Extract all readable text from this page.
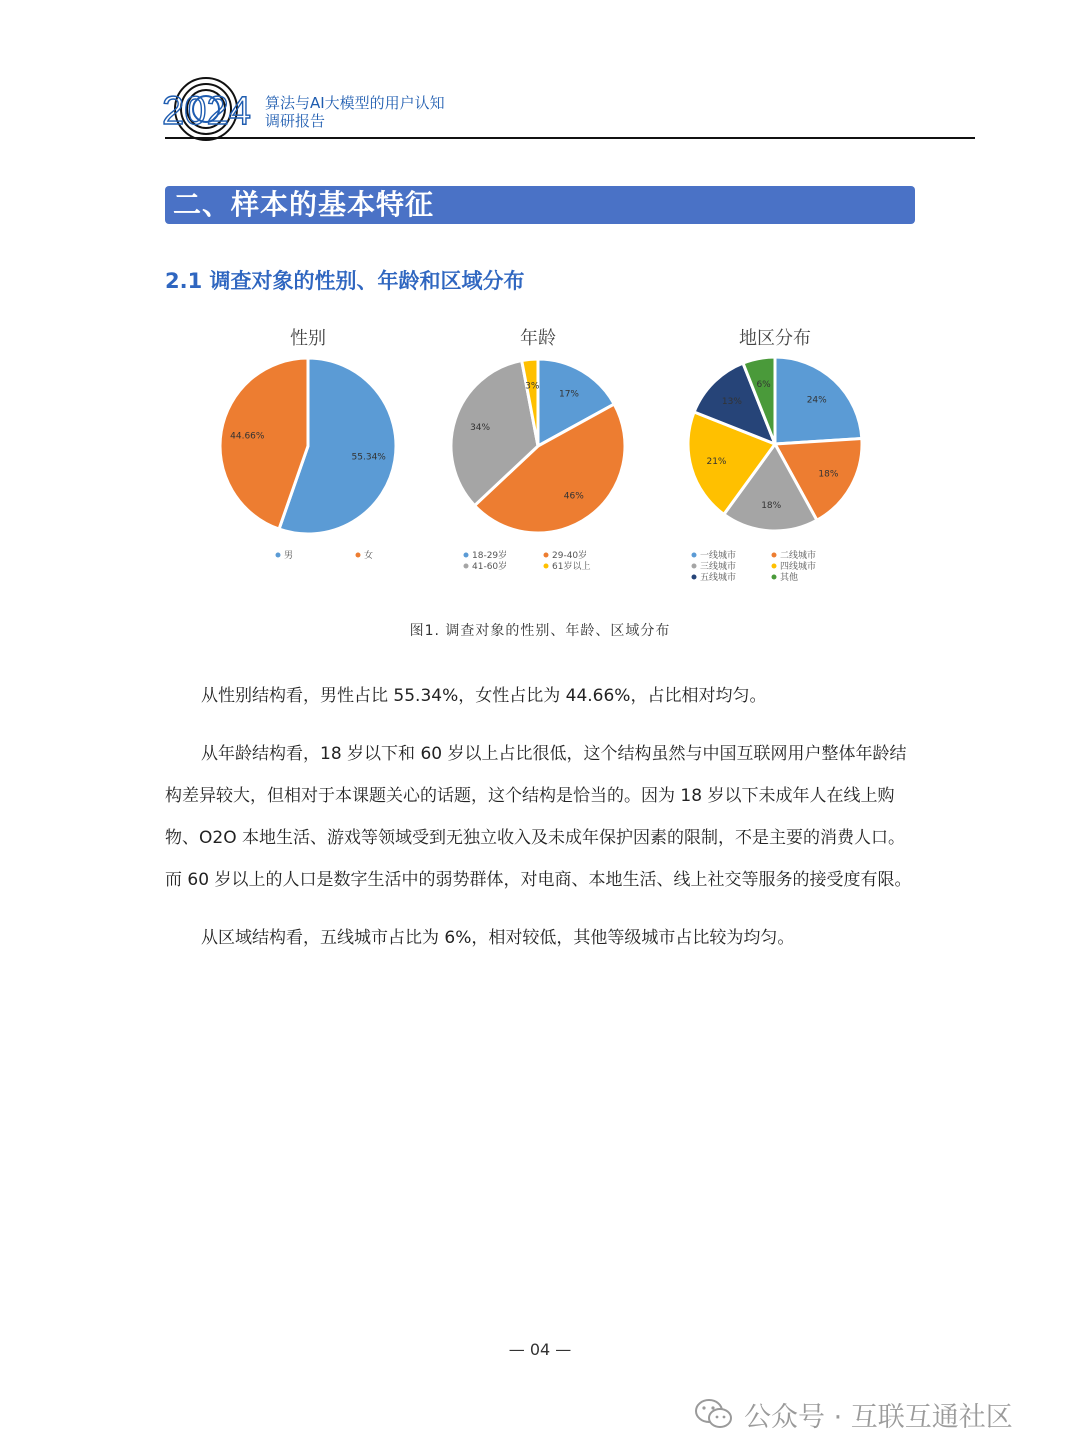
2024 算法与AI大模型的用户认知
调研报告
二、样本的基本特征
2.1 调查对象的性别、年龄和区域分布
性别
55.34%
44.66%
男	女
年龄
17%
46%
34%
3%
18-29岁	29-40岁
41-60岁	61岁以上
地区分布
24%
18%
18%
21%
13%
6%
一线城市	二线城市
三线城市	四线城市
五线城市	其他
图1. 调查对象的性别、年龄、区域分布
从性别结构看，男性占比 55.34%，女性占比为 44.66%，占比相对均匀。
从年龄结构看，18 岁以下和 60 岁以上占比很低，这个结构虽然与中国互联网用户整体年龄结构差异较大，但相对于本课题关心的话题，这个结构是恰当的。因为 18 岁以下未成年人在线上购物、O2O 本地生活、游戏等领域受到无独立收入及未成年保护因素的限制，不是主要的消费人口。而 60 岁以上的人口是数字生活中的弱势群体，对电商、本地生活、线上社交等服务的接受度有限。
从区域结构看，五线城市占比为 6%，相对较低，其他等级城市占比较为均匀。
— 04 —
公众号 · 互联互通社区
